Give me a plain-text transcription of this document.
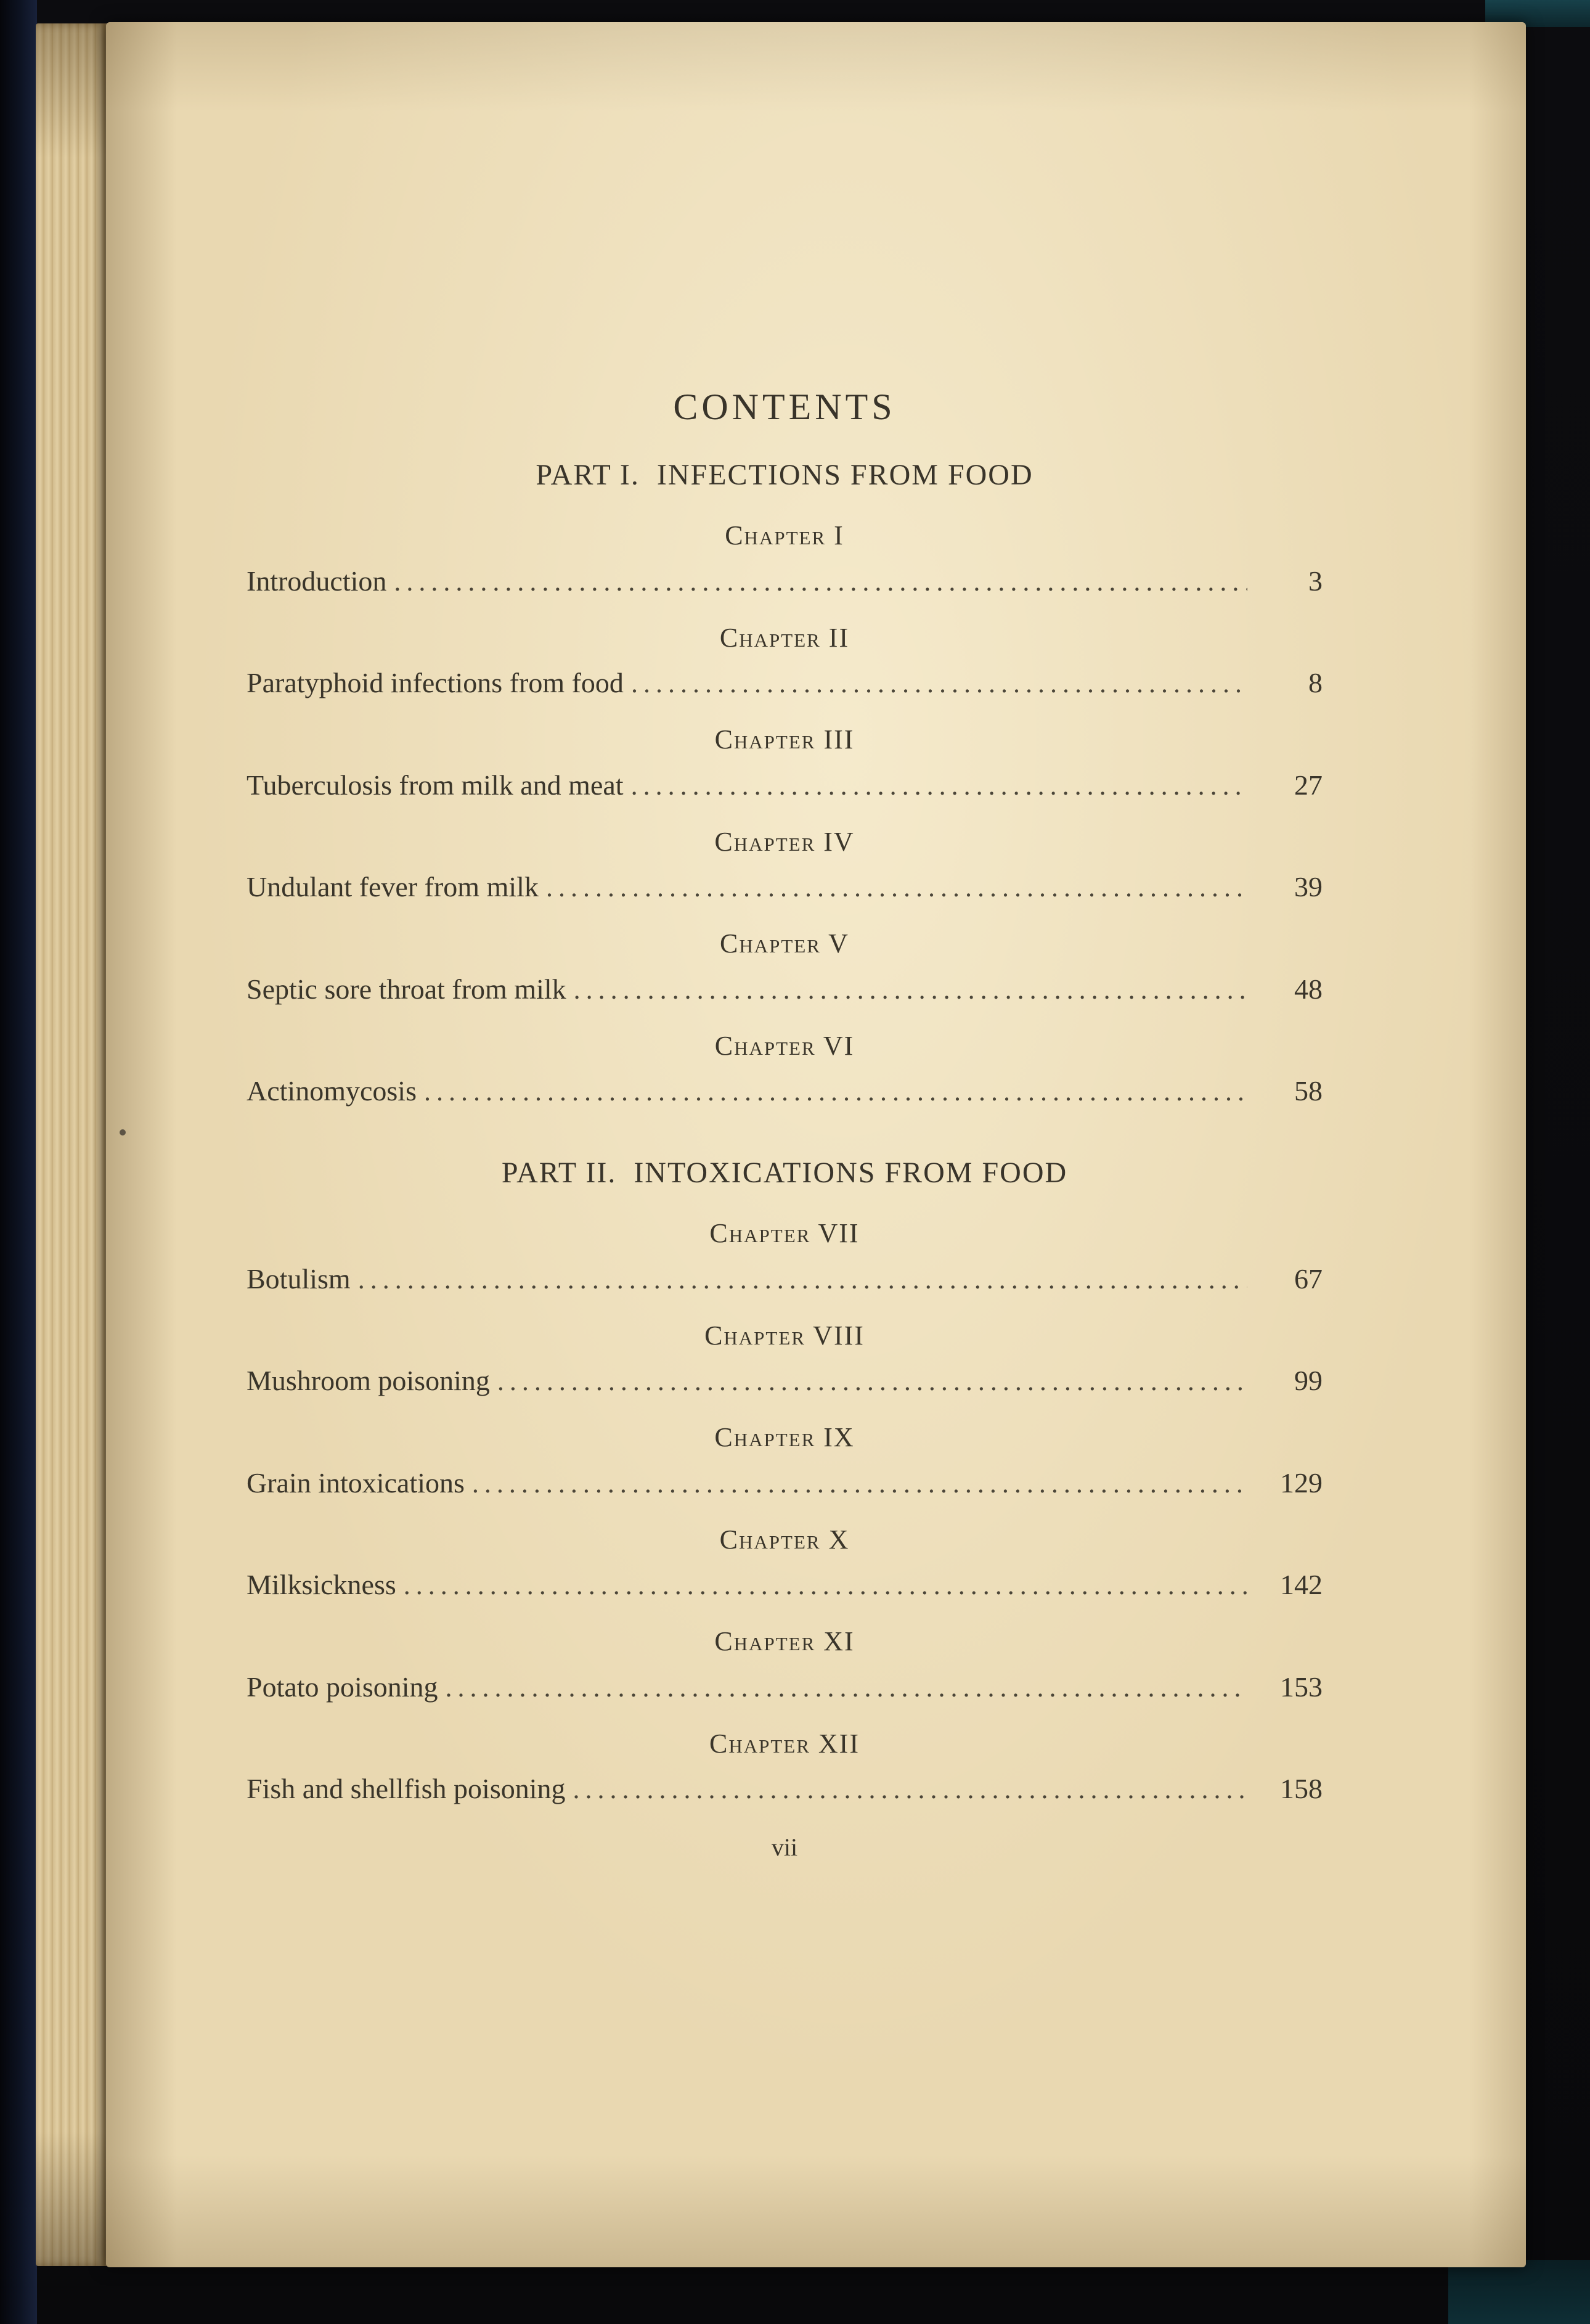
CONTENTS
PART I.  INFECTIONS FROM FOOD
Chapter I
Introduction .....	3
Chapter II
Paratyphoid infections from food .....	8
Chapter III
Tuberculosis from milk and meat .....	27
Chapter IV
Undulant fever from milk .....	39
Chapter V
Septic sore throat from milk .....	48
Chapter VI
Actinomycosis .....	58
PART II.  INTOXICATIONS FROM FOOD
Chapter VII
Botulism .....	67
Chapter VIII
Mushroom poisoning .....	99
Chapter IX
Grain intoxications .....	129
Chapter X
Milksickness .....	142
Chapter XI
Potato poisoning .....	153
Chapter XII
Fish and shellfish poisoning .....	158
vii
